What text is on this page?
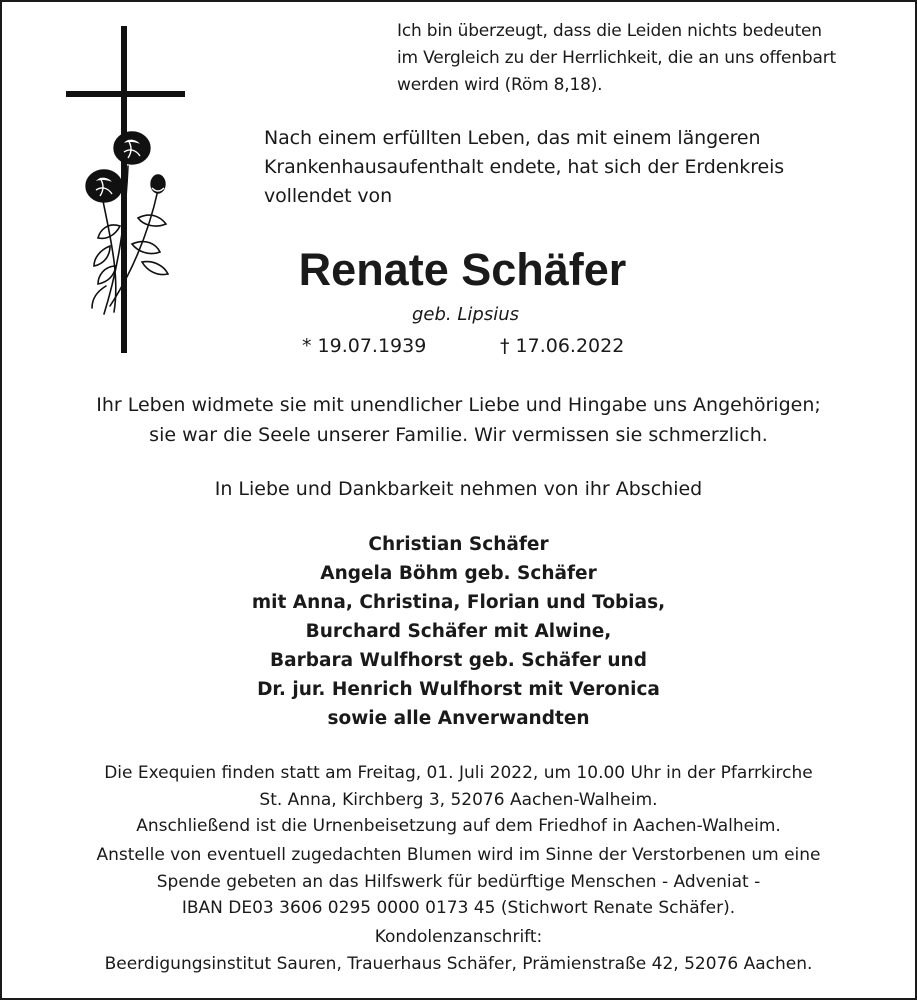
Ich bin überzeugt, dass die Leiden nichts bedeuten
im Vergleich zu der Herrlichkeit, die an uns offenbart
werden wird (Röm 8,18).
Nach einem erfüllten Leben, das mit einem längeren
Krankenhausaufenthalt endete, hat sich der Erdenkreis
vollendet von
Renate Schäfer
geb. Lipsius
* 19.07.1939	† 17.06.2022
Ihr Leben widmete sie mit unendlicher Liebe und Hingabe uns Angehörigen;
sie war die Seele unserer Familie. Wir vermissen sie schmerzlich.
In Liebe und Dankbarkeit nehmen von ihr Abschied
Christian Schäfer
Angela Böhm geb. Schäfer
mit Anna, Christina, Florian und Tobias,
Burchard Schäfer mit Alwine,
Barbara Wulfhorst geb. Schäfer und
Dr. jur. Henrich Wulfhorst mit Veronica
sowie alle Anverwandten
Die Exequien finden statt am Freitag, 01. Juli 2022, um 10.00 Uhr in der Pfarrkirche
St. Anna, Kirchberg 3, 52076 Aachen-Walheim.
Anschließend ist die Urnenbeisetzung auf dem Friedhof in Aachen-Walheim.
Anstelle von eventuell zugedachten Blumen wird im Sinne der Verstorbenen um eine
Spende gebeten an das Hilfswerk für bedürftige Menschen - Adveniat -
IBAN DE03 3606 0295 0000 0173 45 (Stichwort Renate Schäfer).
Kondolenzanschrift:
Beerdigungsinstitut Sauren, Trauerhaus Schäfer, Prämienstraße 42, 52076 Aachen.
